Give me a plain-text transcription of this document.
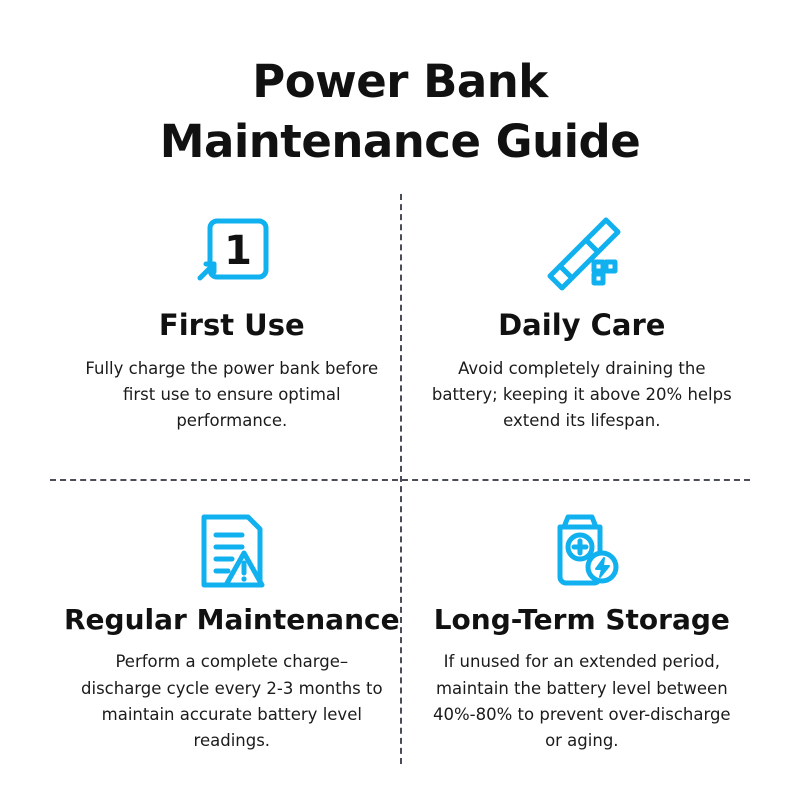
Power Bank
Maintenance Guide
1
First Use
Fully charge the power bank before first use to ensure optimal performance.
Daily Care
Avoid completely draining the battery; keeping it above 20% helps extend its lifespan.
Regular Maintenance
Perform a complete charge–discharge cycle every 2-3 months to maintain accurate battery level readings.
Long-Term Storage
If unused for an extended period, maintain the battery level between 40%-80% to prevent over-discharge or aging.
